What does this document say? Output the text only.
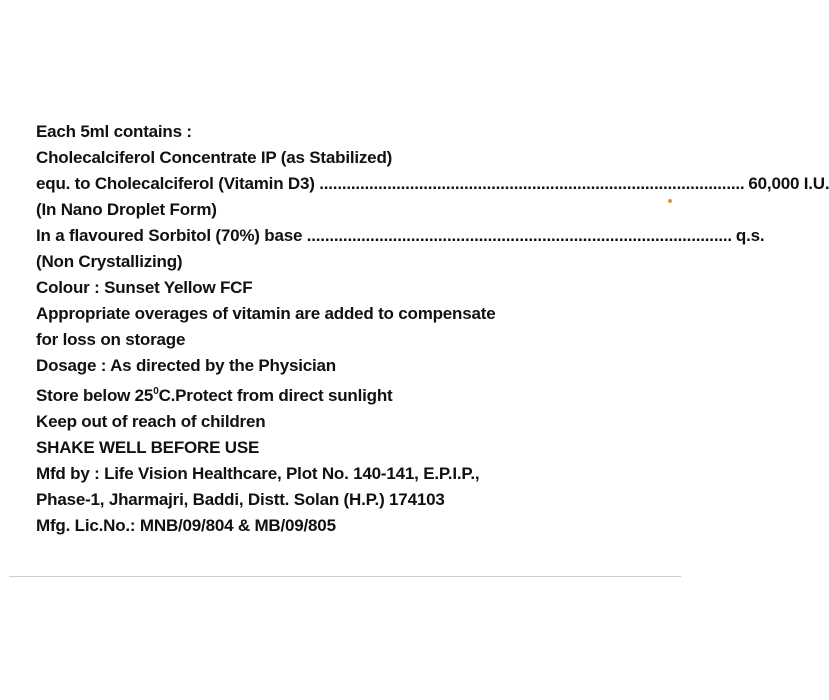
Each 5ml contains :
Cholecalciferol Concentrate IP (as Stabilized)
equ. to Cholecalciferol (Vitamin D3) .............................................................................................. 60,000 I.U.
(In Nano Droplet Form)
In a flavoured Sorbitol (70%) base .............................................................................................. q.s.
(Non Crystallizing)
Colour : Sunset Yellow FCF
Appropriate overages of vitamin are added to compensate
for loss on storage
Dosage : As directed by the Physician
Store below $25^0C.Protect$ from direct sunlight
Keep out of reach of children
SHAKE WELL BEFORE USE
Mfd by : Life Vision Healthcare, Plot No. 140-141, E.P.I.P.,
Phase-1, Jharmajri, Baddi, Distt. Solan (H.P.) 174103
Mfg. Lic.No.: MNB/09/804 & MB/09/805
